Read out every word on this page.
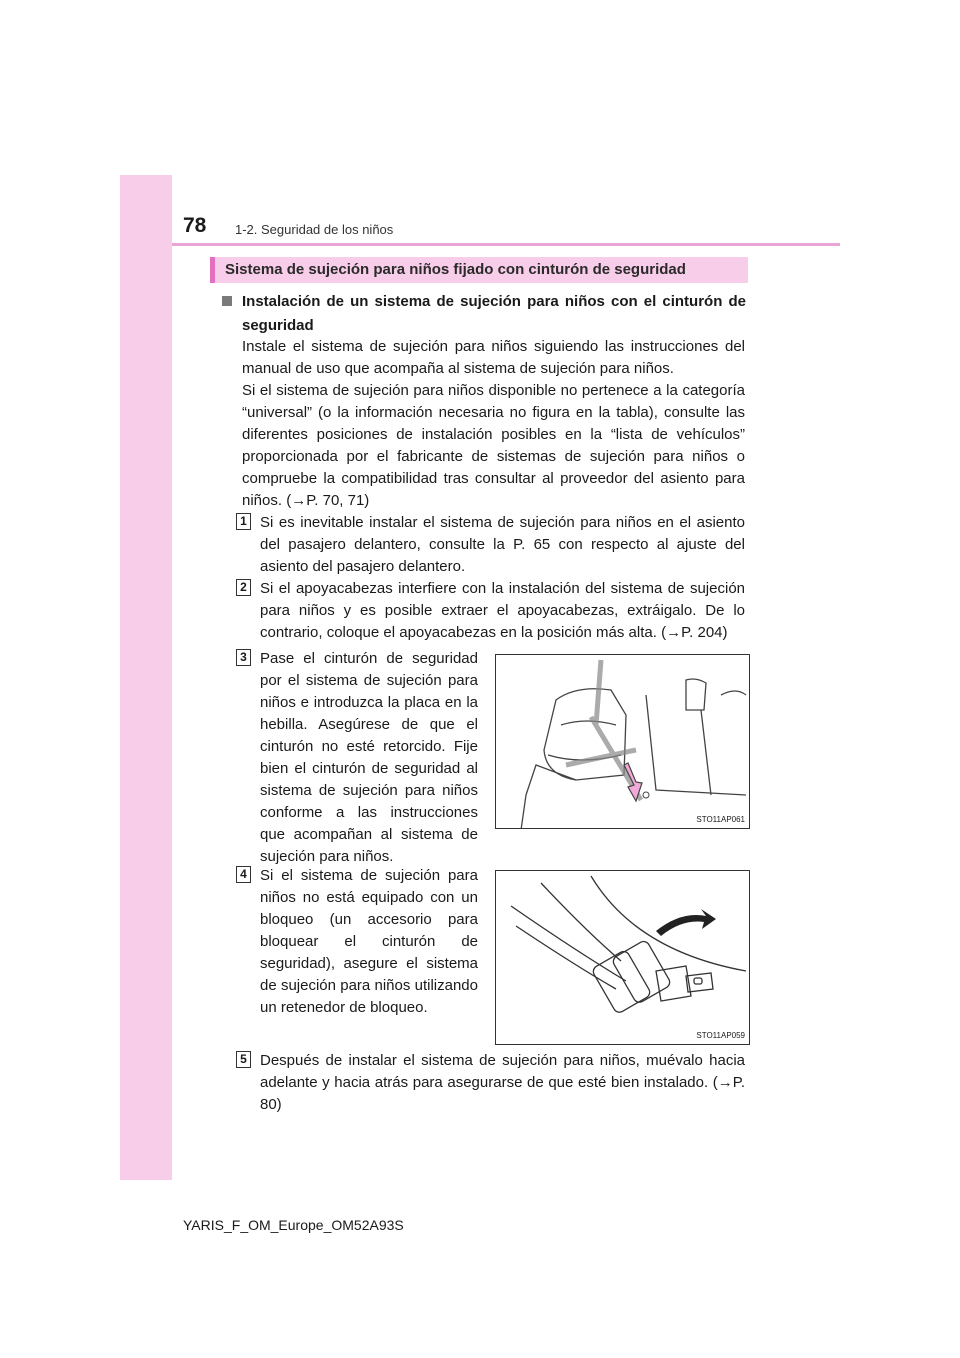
78 1-2. Seguridad de los niños
Sistema de sujeción para niños fijado con cinturón de seguridad
Instalación de un sistema de sujeción para niños con el cinturón de seguridad

Instale el sistema de sujeción para niños siguiendo las instrucciones del manual de uso que acompaña al sistema de sujeción para niños.

Si el sistema de sujeción para niños disponible no pertenece a la categoría “universal” (o la información necesaria no figura en la tabla), consulte las diferentes posiciones de instalación posibles en la “lista de vehículos” proporcionada por el fabricante de sistemas de sujeción para niños o compruebe la compatibilidad tras consultar al proveedor del asiento para niños. (→P. 70, 71)

1 Si es inevitable instalar el sistema de sujeción para niños en el asiento del pasajero delantero, consulte la P. 65 con respecto al ajuste del asiento del pasajero delantero.

2 Si el apoyacabezas interfiere con la instalación del sistema de sujeción para niños y es posible extraer el apoyacabezas, extráigalo. De lo contrario, coloque el apoyacabezas en la posición más alta. (→P. 204)

3 Pase el cinturón de seguridad por el sistema de sujeción para niños e introduzca la placa en la hebilla. Asegúrese de que el cinturón no esté retorcido. Fije bien el cinturón de seguridad al sistema de sujeción para niños conforme a las instrucciones que acompañan al sistema de sujeción para niños.

STO11AP061
4 Si el sistema de sujeción para niños no está equipado con un bloqueo (un accesorio para bloquear el cinturón de seguridad), asegure el sistema de sujeción para niños utilizando un retenedor de bloqueo.

STO11AP059
5 Después de instalar el sistema de sujeción para niños, muévalo hacia adelante y hacia atrás para asegurarse de que esté bien instalado. (→P. 80)

YARIS_F_OM_Europe_OM52A93S
